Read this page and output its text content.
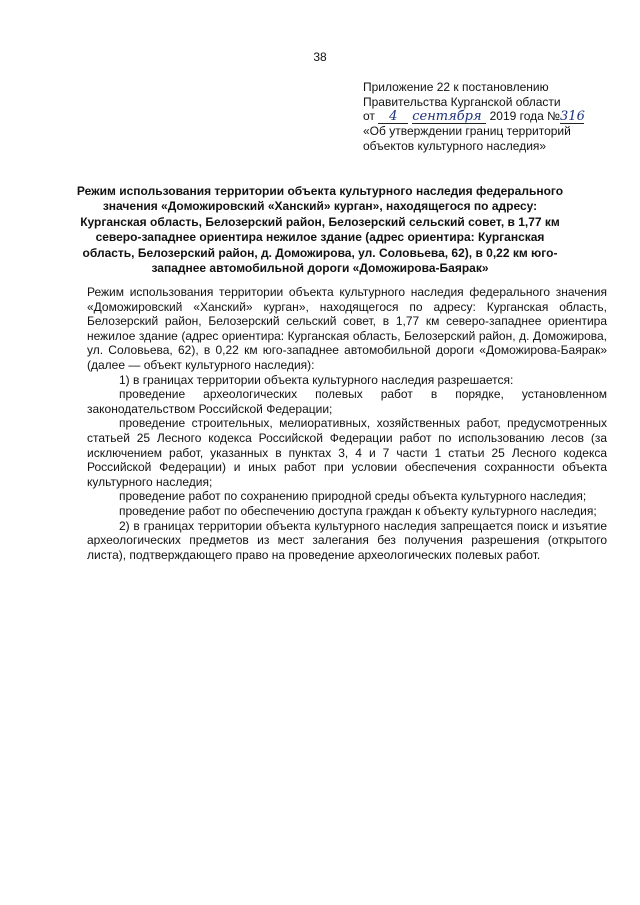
38
Приложение 22 к постановлению
Правительства Курганской области
от 4 сентября 2019 года №316
«Об утверждении границ территорий
объектов культурного наследия»
Режим использования территории объекта культурного наследия федерального значения «Доможировский «Ханский» курган», находящегося по адресу: Курганская область, Белозерский район, Белозерский сельский совет, в 1,77 км северо-западнее ориентира нежилое здание (адрес ориентира: Курганская область, Белозерский район, д. Доможирова, ул. Соловьева, 62), в 0,22 км юго-западнее автомобильной дороги «Доможирова-Баярак»

Режим использования территории объекта культурного наследия федерального значения «Доможировский «Ханский» курган», находящегося по адресу: Курганская область, Белозерский район, Белозерский сельский совет, в 1,77 км северо-западнее ориентира нежилое здание (адрес ориентира: Курганская область, Белозерский район, д. Доможирова, ул. Соловьева, 62), в 0,22 км юго-западнее автомобильной дороги «Доможирова-Баярак» (далее — объект культурного наследия):

1) в границах территории объекта культурного наследия разрешается:

проведение археологических полевых работ в порядке, установленном законодательством Российской Федерации;

проведение строительных, мелиоративных, хозяйственных работ, предусмотренных статьей 25 Лесного кодекса Российской Федерации работ по использованию лесов (за исключением работ, указанных в пунктах 3, 4 и 7 части 1 статьи 25 Лесного кодекса Российской Федерации) и иных работ при условии обеспечения сохранности объекта культурного наследия;

проведение работ по сохранению природной среды объекта культурного наследия;

проведение работ по обеспечению доступа граждан к объекту культурного наследия;

2) в границах территории объекта культурного наследия запрещается поиск и изъятие археологических предметов из мест залегания без получения разрешения (открытого листа), подтверждающего право на проведение археологических полевых работ.
